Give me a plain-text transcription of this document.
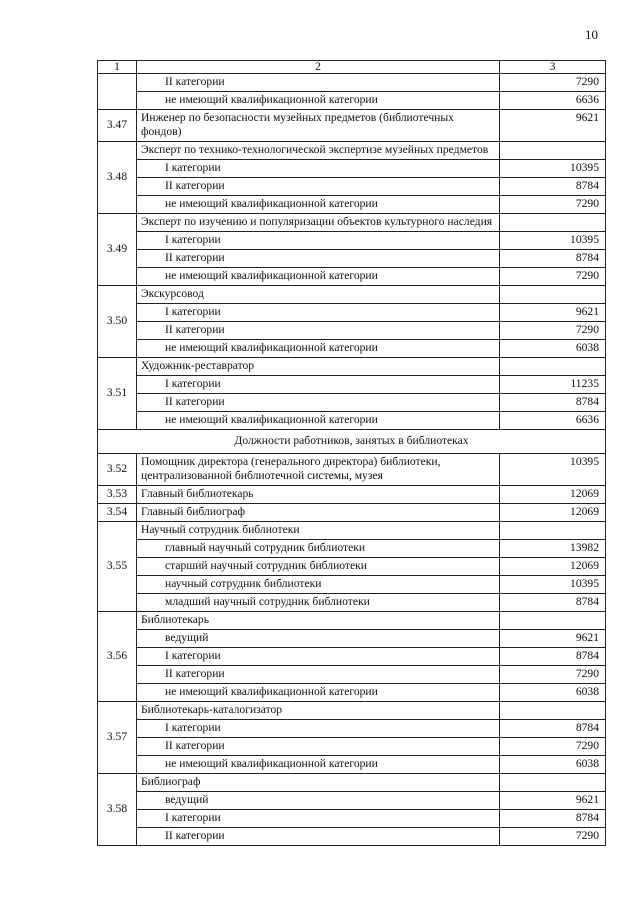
10
1	2	3
	II категории	7290
	не имеющий квалификационной категории	6636
3.47	Инженер по безопасности музейных предметов (библиотечных фондов)	9621
3.48	Эксперт по технико-технологической экспертизе музейных предметов	
	I категории	10395
	II категории	8784
	не имеющий квалификационной категории	7290
3.49	Эксперт по изучению и популяризации объектов культурного наследия	
	I категории	10395
	II категории	8784
	не имеющий квалификационной категории	7290
3.50	Экскурсовод	
	I категории	9621
	II категории	7290
	не имеющий квалификационной категории	6038
3.51	Художник-реставратор	
	I категории	11235
	II категории	8784
	не имеющий квалификационной категории	6636
Должности работников, занятых в библиотеках		
3.52	Помощник директора (генерального директора) библиотеки, централизованной библиотечной системы, музея	10395
3.53	Главный библиотекарь	12069
3.54	Главный библиограф	12069
3.55	Научный сотрудник библиотеки	
	главный научный сотрудник библиотеки	13982
	старший научный сотрудник библиотеки	12069
	научный сотрудник библиотеки	10395
	младший научный сотрудник библиотеки	8784
3.56	Библиотекарь	
	ведущий	9621
	I категории	8784
	II категории	7290
	не имеющий квалификационной категории	6038
3.57	Библиотекарь-каталогизатор	
	I категории	8784
	II категории	7290
	не имеющий квалификационной категории	6038
3.58	Библиограф	
	ведущий	9621
	I категории	8784
	II категории	7290
